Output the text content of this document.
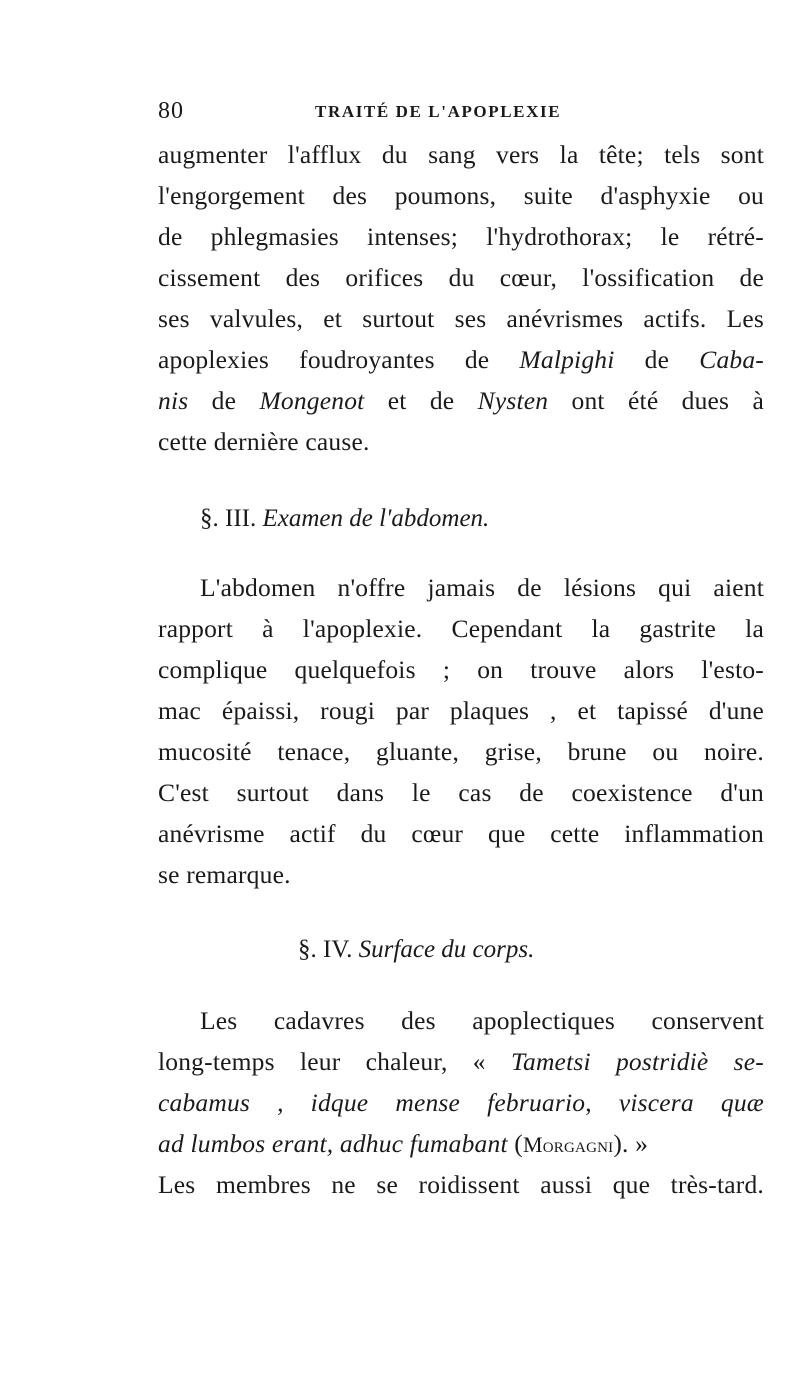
80	TRAITÉ DE L'APOPLEXIE
augmenter l'afflux du sang vers la tête; tels sont
l'engorgement des poumons, suite d'asphyxie ou
de phlegmasies intenses; l'hydrothorax; le rétré-
cissement des orifices du cœur, l'ossification de
ses valvules, et surtout ses anévrismes actifs. Les
apoplexies foudroyantes de Malpighi de Caba-
nis de Mongenot et de Nysten ont été dues à
cette dernière cause.
§. III. Examen de l'abdomen.
L'abdomen n'offre jamais de lésions qui aient
rapport à l'apoplexie. Cependant la gastrite la
complique quelquefois ; on trouve alors l'esto-
mac épaissi, rougi par plaques , et tapissé d'une
mucosité tenace, gluante, grise, brune ou noire.
C'est surtout dans le cas de coexistence d'un
anévrisme actif du cœur que cette inflammation
se remarque.
§. IV. Surface du corps.
Les cadavres des apoplectiques conservent
long-temps leur chaleur, « Tametsi postridiè se-
cabamus , idque mense februario, viscera quæ
ad lumbos erant, adhuc fumabant (Morgagni). »
Les membres ne se roidissent aussi que très-tard.
